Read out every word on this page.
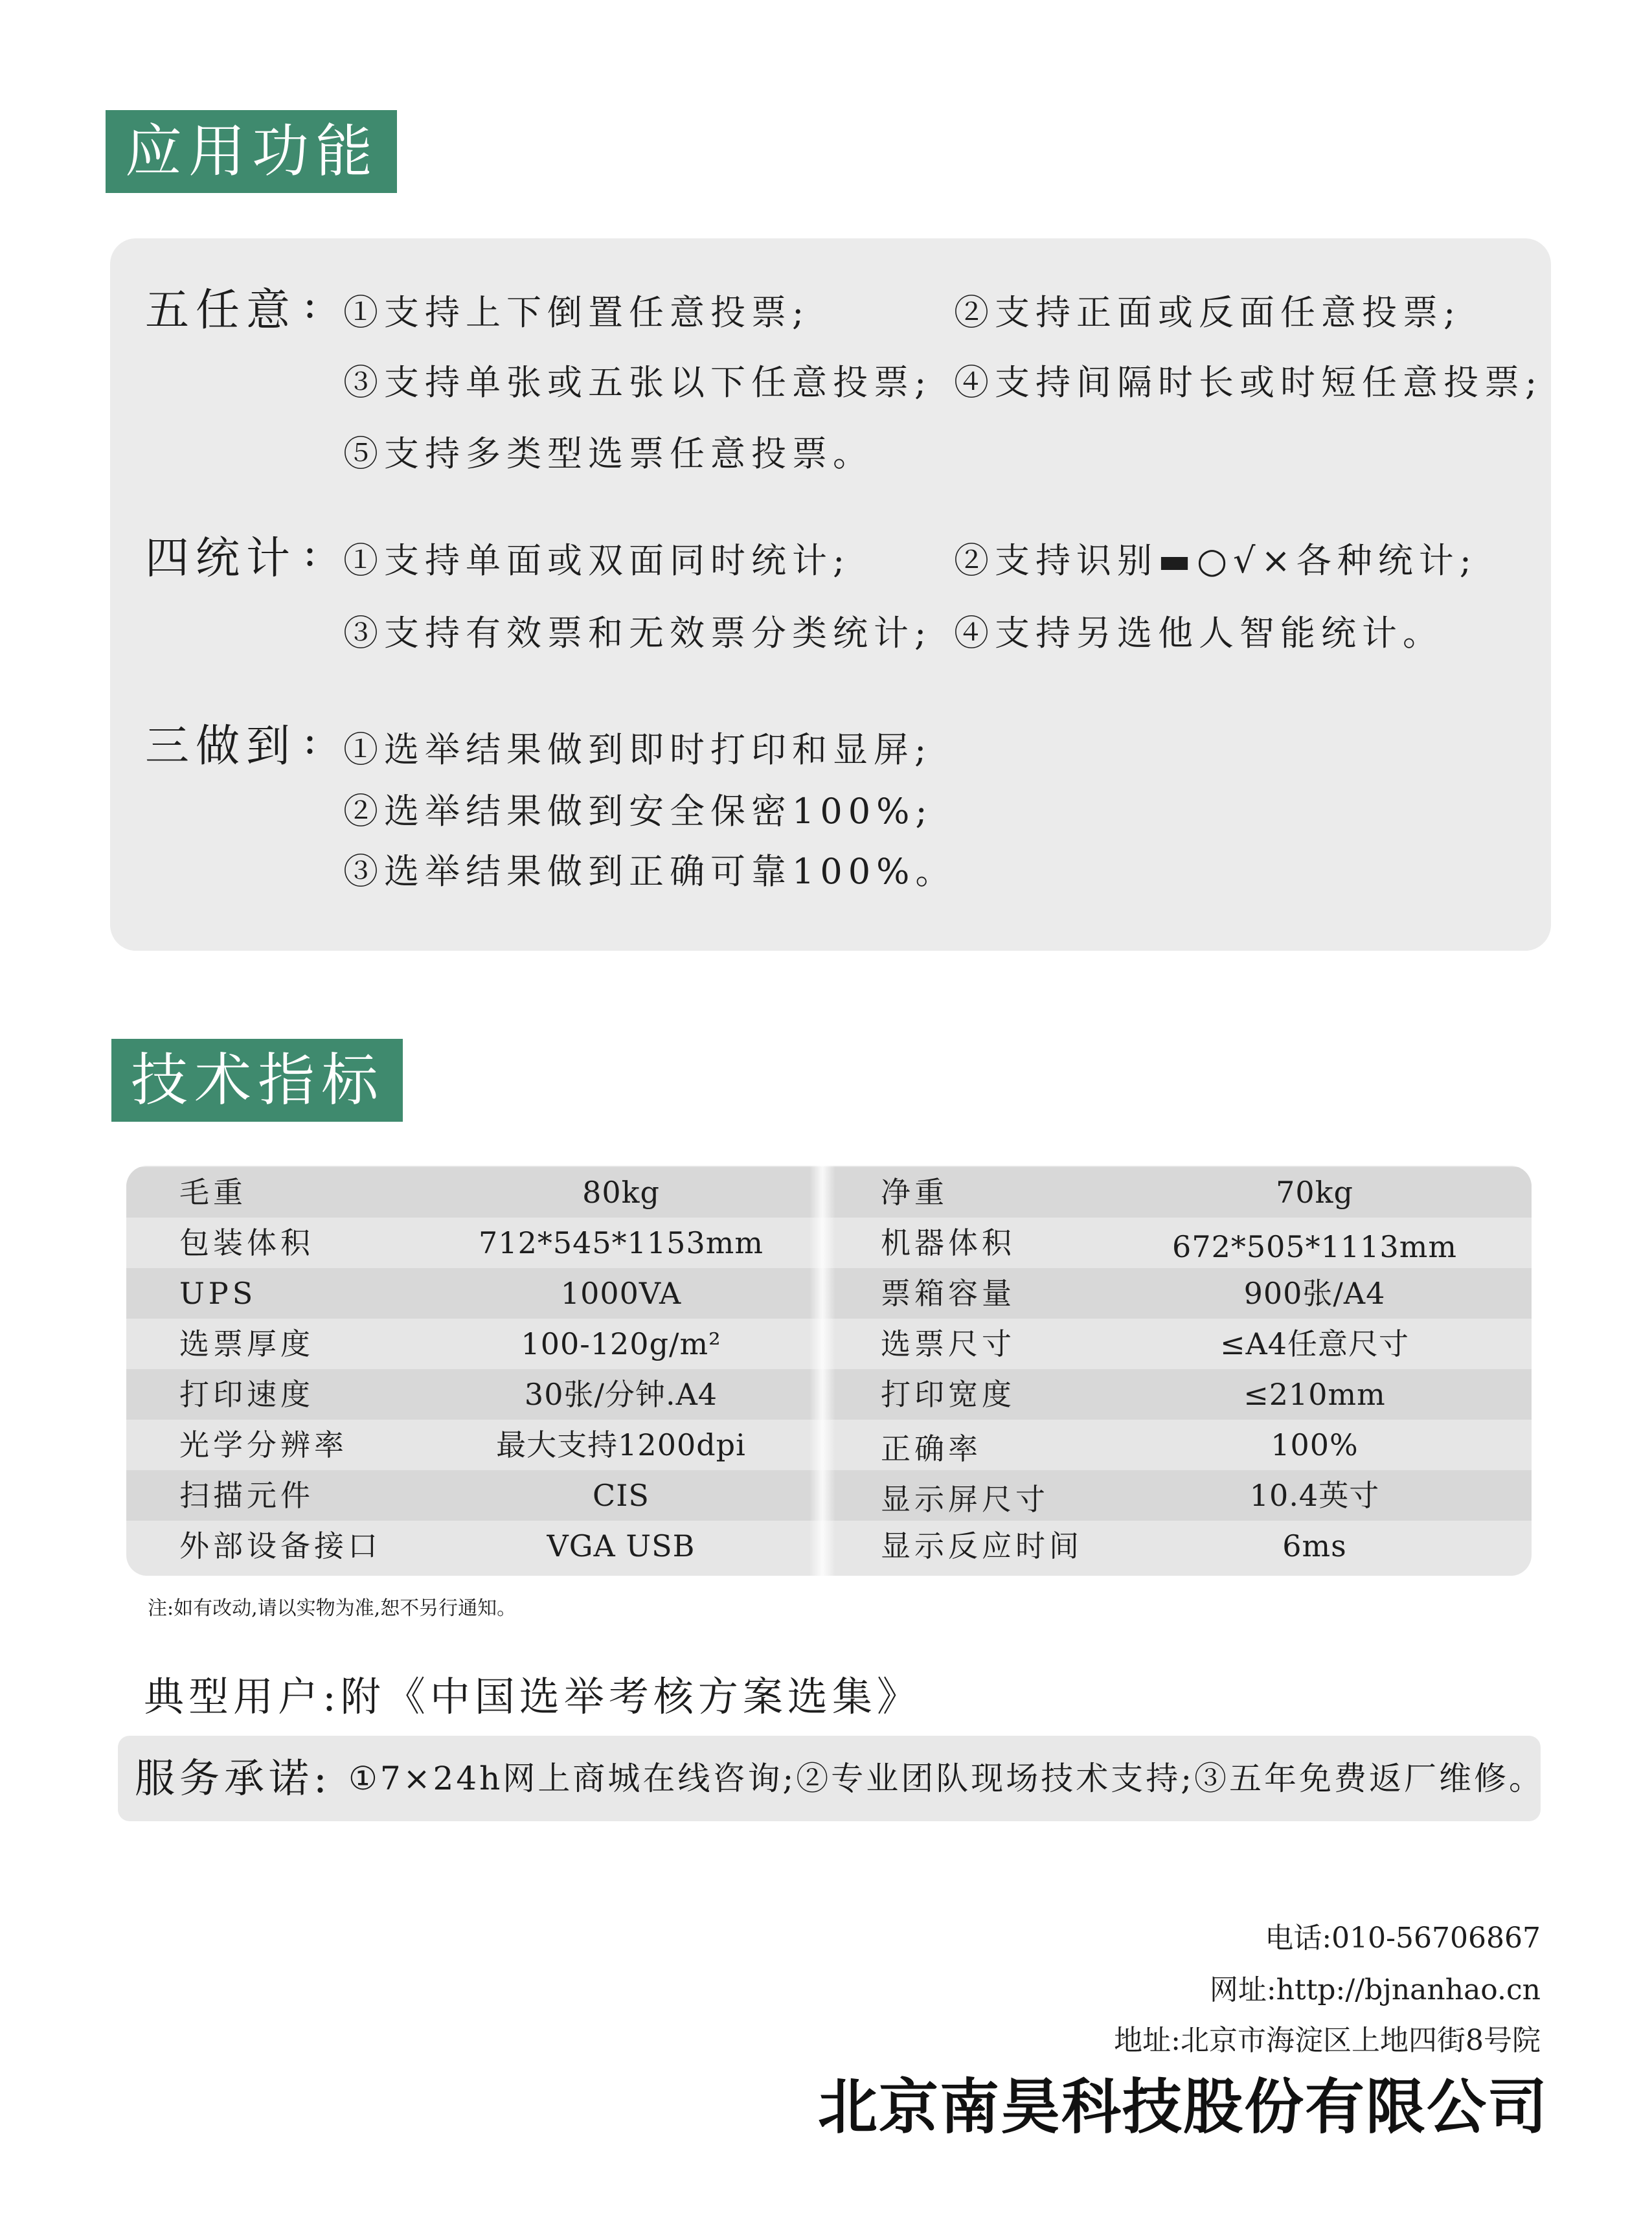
应用功能
五任意 : ①支持上下倒置任意投票;	②支持正面或反面任意投票;
③支持单张或五张以下任意投票; ④支持间隔时长或时短任意投票;
⑤支持多类型选票任意投票。
四统计 : ①支持单面或双面同时统计;	②支持识别▬○√×各种统计;
③支持有效票和无效票分类统计; ④支持另选他人智能统计。
三做到 : ①选举结果做到即时打印和显屏;
②选举结果做到安全保密100%;
③选举结果做到正确可靠100%。
技术指标
毛重	80kg	净重	70kg
包装体积	712*545*1153mm	机器体积	672*505*1113mm
UPS	1000VA	票箱容量	900张/A4
选票厚度	100-120g/m²	选票尺寸	≤A4任意尺寸
打印速度	30张/分钟.A4	打印宽度	≤210mm
光学分辨率	最大支持1200dpi	正确率	100%
扫描元件	CIS	显示屏尺寸	10.4英寸
外部设备接口	VGA USB	显示反应时间	6ms
注:如有改动,请以实物为准,恕不另行通知。
典型用户:附《中国选举考核方案选集》
服务承诺: ①7×24h网上商城在线咨询;②专业团队现场技术支持;③五年免费返厂维修。
电话:010-56706867
网址:http://bjnanhao.cn
地址:北京市海淀区上地四街8号院
北京南昊科技股份有限公司
